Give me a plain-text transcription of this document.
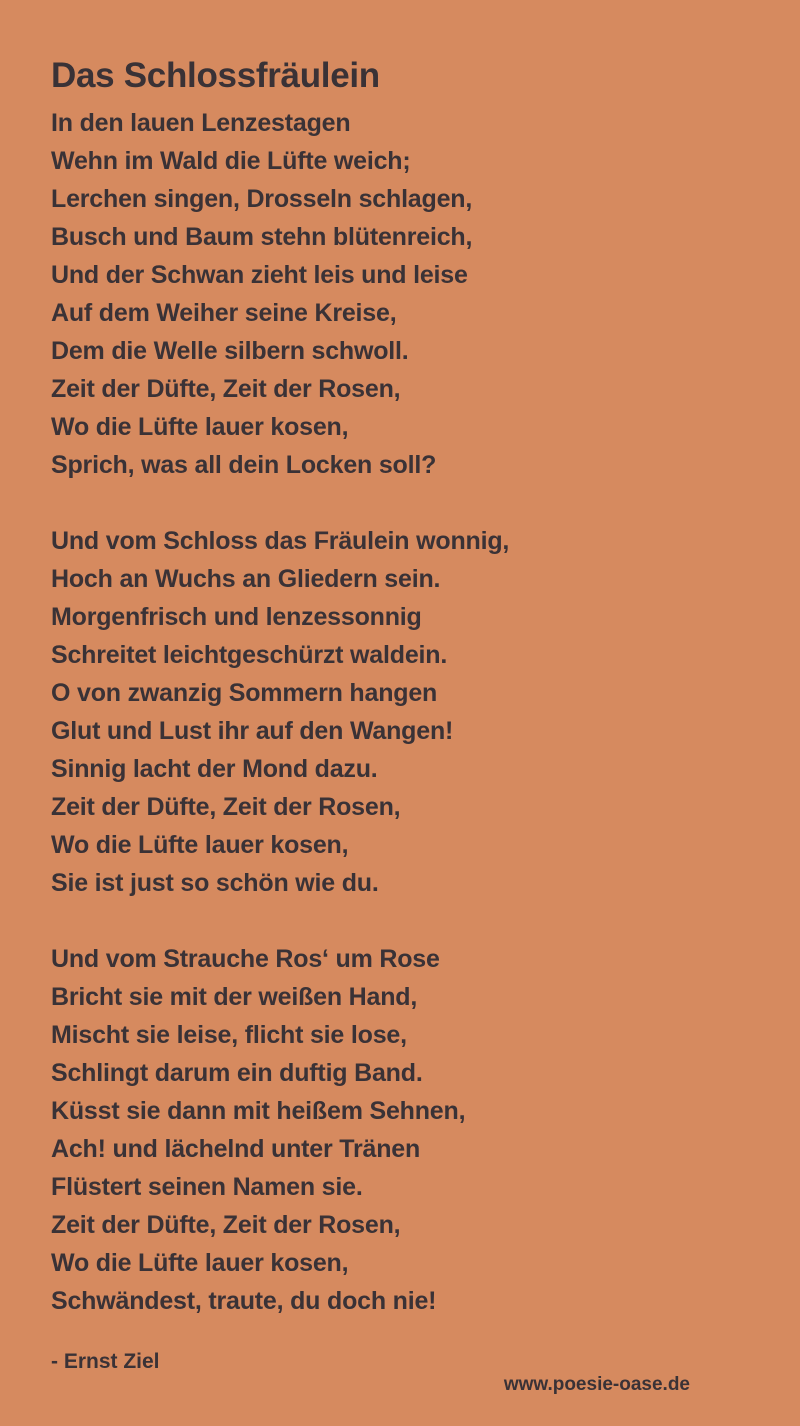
Das Schlossfräulein
In den lauen Lenzestagen
Wehn im Wald die Lüfte weich;
Lerchen singen, Drosseln schlagen,
Busch und Baum stehn blütenreich,
Und der Schwan zieht leis und leise
Auf dem Weiher seine Kreise,
Dem die Welle silbern schwoll.
Zeit der Düfte, Zeit der Rosen,
Wo die Lüfte lauer kosen,
Sprich, was all dein Locken soll?
Und vom Schloss das Fräulein wonnig,
Hoch an Wuchs an Gliedern sein.
Morgenfrisch und lenzessonnig
Schreitet leichtgeschürzt waldein.
O von zwanzig Sommern hangen
Glut und Lust ihr auf den Wangen!
Sinnig lacht der Mond dazu.
Zeit der Düfte, Zeit der Rosen,
Wo die Lüfte lauer kosen,
Sie ist just so schön wie du.
Und vom Strauche Ros‘ um Rose
Bricht sie mit der weißen Hand,
Mischt sie leise, flicht sie lose,
Schlingt darum ein duftig Band.
Küsst sie dann mit heißem Sehnen,
Ach! und lächelnd unter Tränen
Flüstert seinen Namen sie.
Zeit der Düfte, Zeit der Rosen,
Wo die Lüfte lauer kosen,
Schwändest, traute, du doch nie!
- Ernst Ziel
www.poesie-oase.de
